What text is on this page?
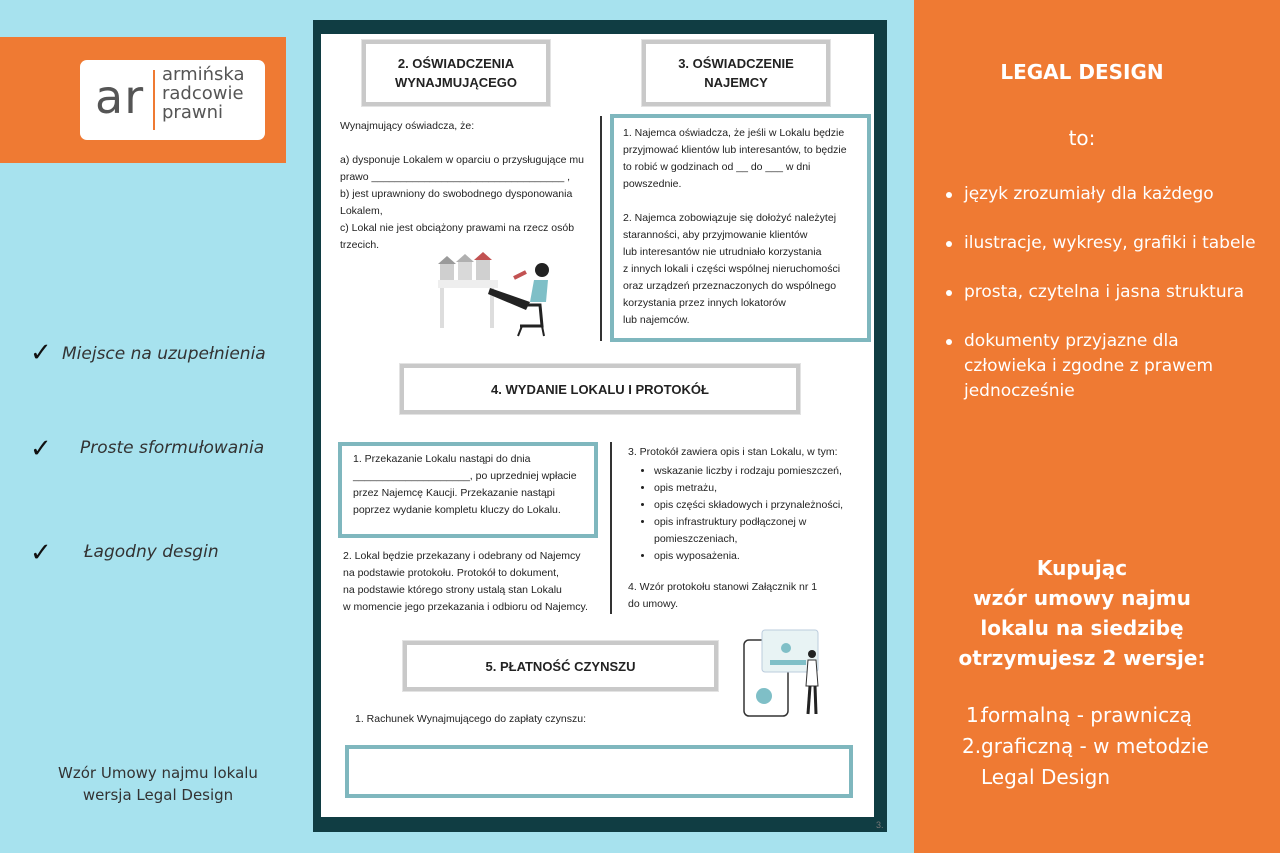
ar armińska
radcowie
prawni
✓ Miejsce na uzupełnienia
✓ Proste sformułowania
✓ Łagodny desgin
Wzór Umowy najmu lokalu
wersja Legal Design
LEGAL DESIGN
to:
język zrozumiały dla każdego
ilustracje, wykresy, grafiki i tabele
prosta, czytelna i jasna struktura
dokumenty przyjazne dla człowieka i zgodne z prawem jednocześnie
Kupując
wzór umowy najmu
lokalu na siedzibę
otrzymujesz 2 wersje:
1.
formalną - prawniczą
2. graficzną - w metodzie
Legal Design
3.
2. OŚWIADCZENIA
WYNAJMUJĄCEGO
Wynajmujący oświadcza, że:
a) dysponuje Lokalem w oparciu o przysługujące mu
prawo _________________________________ ,
b) jest uprawniony do swobodnego dysponowania
Lokalem,
c) Lokal nie jest obciążony prawami na rzecz osób
trzecich.
3. OŚWIADCZENIE
NAJEMCY
1. Najemca oświadcza, że jeśli w Lokalu będzie
przyjmować klientów lub interesantów, to będzie
to robić w godzinach od __ do ___ w dni
powszednie.
2. Najemca zobowiązuje się dołożyć należytej
staranności, aby przyjmowanie klientów
lub interesantów nie utrudniało korzystania
z innych lokali i części wspólnej nieruchomości
oraz urządzeń przeznaczonych do wspólnego
korzystania przez innych lokatorów
lub najemców.
4. WYDANIE LOKALU I PROTOKÓŁ
1. Przekazanie Lokalu nastąpi do dnia
____________________, po uprzedniej wpłacie
przez Najemcę Kaucji. Przekazanie nastąpi
poprzez wydanie kompletu kluczy do Lokalu.
2. Lokal będzie przekazany i odebrany od Najemcy
na podstawie protokołu. Protokół to dokument,
na podstawie którego strony ustalą stan Lokalu
w momencie jego przekazania i odbioru od Najemcy.
3. Protokół zawiera opis i stan Lokalu, w tym:
• wskazanie liczby i rodzaju pomieszczeń,
• opis metrażu,
• opis części składowych i przynależności,
• opis infrastruktury podłączonej w pomieszczeniach,
• opis wyposażenia.
4. Wzór protokołu stanowi Załącznik nr 1
do umowy.
5. PŁATNOŚĆ CZYNSZU
1. Rachunek Wynajmującego do zapłaty czynszu:
